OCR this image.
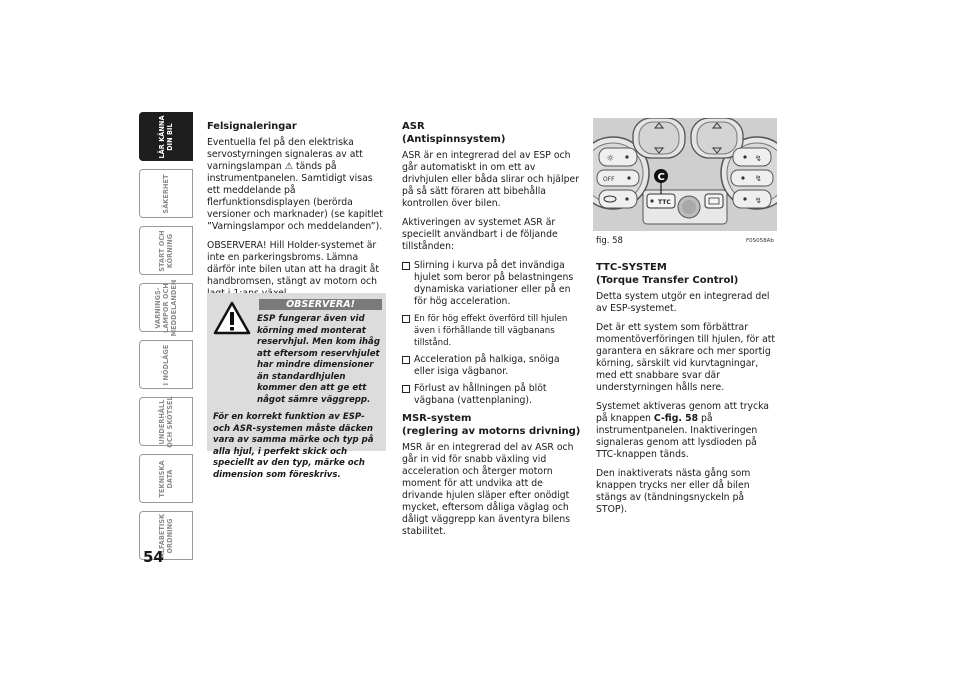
LÄR KÄNNA
DIN BIL
SÄKERHET
START OCH
KÖRNING
VARNINGS-
LAMPOR OCH
MEDDELANDEN
I NÖDLÄGE
UNDERHÅLL
OCH SKÖTSEL
TEKNISKA
DATA
ALFABETISK
ORDNING
54
Felsignaleringar

Eventuella fel på den elektriska servostyrningen signaleras av att varningslampan ⚠ tänds på instrumentpanelen. Samtidigt visas ett meddelande på flerfunktionsdisplayen (berörda versioner och marknader) (se kapitlet ”Varningslampor och meddelanden”).

OBSERVERA! Hill Holder-systemet är inte en parkeringsbroms. Lämna därför inte bilen utan att ha dragit åt handbromsen, stängt av motorn och

OBSERVERA!

ESP fungerar även vid körning med monterat reservhjul. Men kom ihåg att eftersom reservhjulet har mindre dimensioner än standardhjulen kommer den att ge ett något sämre väggrepp.

För en korrekt funktion av ESP- och ASR-systemen måste däcken vara av samma märke och typ på alla hjul, i perfekt skick och speciellt av den typ, märke och dimension som föreskrivs.

ASR
(Antispinnsystem)

ASR är en integrerad del av ESP och går automatiskt in om ett av drivhjulen eller båda slirar och hjälper på så sätt föraren att bibehålla kontrollen över bilen.

Aktiveringen av systemet ASR är speciellt användbart i de följande tillstånden:

Slirning i kurva på det invändiga hjulet som beror på belastningens dynamiska variationer eller på en för hög acceleration.
En för hög effekt överförd till hjulen även i förhållande till vägbanans tillstånd.
Acceleration på halkiga, snöiga eller isiga vägbanor.
Förlust av hållningen på blöt vägbana (vattenplaning).
MSR-system
(reglering av motorns drivning)

MSR är en integrerad del av ASR och går in vid för snabb växling vid acceleration och återger motorn moment för att undvika att de drivande hjulen släper efter onödigt mycket, eftersom dåliga väglag och dåligt väggrepp kan äventyra bilens stabilitet.

☼
OFF
↯
↯
↯
TTC
C
fig. 58	F0S058Ab
TTC-SYSTEM
(Torque Transfer Control)

Detta system utgör en integrerad del av ESP-systemet.

Det är ett system som förbättrar momentöverföringen till hjulen, för att garantera en säkrare och mer sportig körning, särskilt vid kurvtagningar, med ett snabbare svar där understyrningen hålls nere.

Systemet aktiveras genom att trycka på knappen C-fig. 58 på instrumentpanelen. Inaktiveringen signaleras genom att lysdioden på TTC-knappen tänds.

Den inaktiverats nästa gång som knappen trycks ner eller då bilen stängs av (tändningsnyckeln på STOP).
